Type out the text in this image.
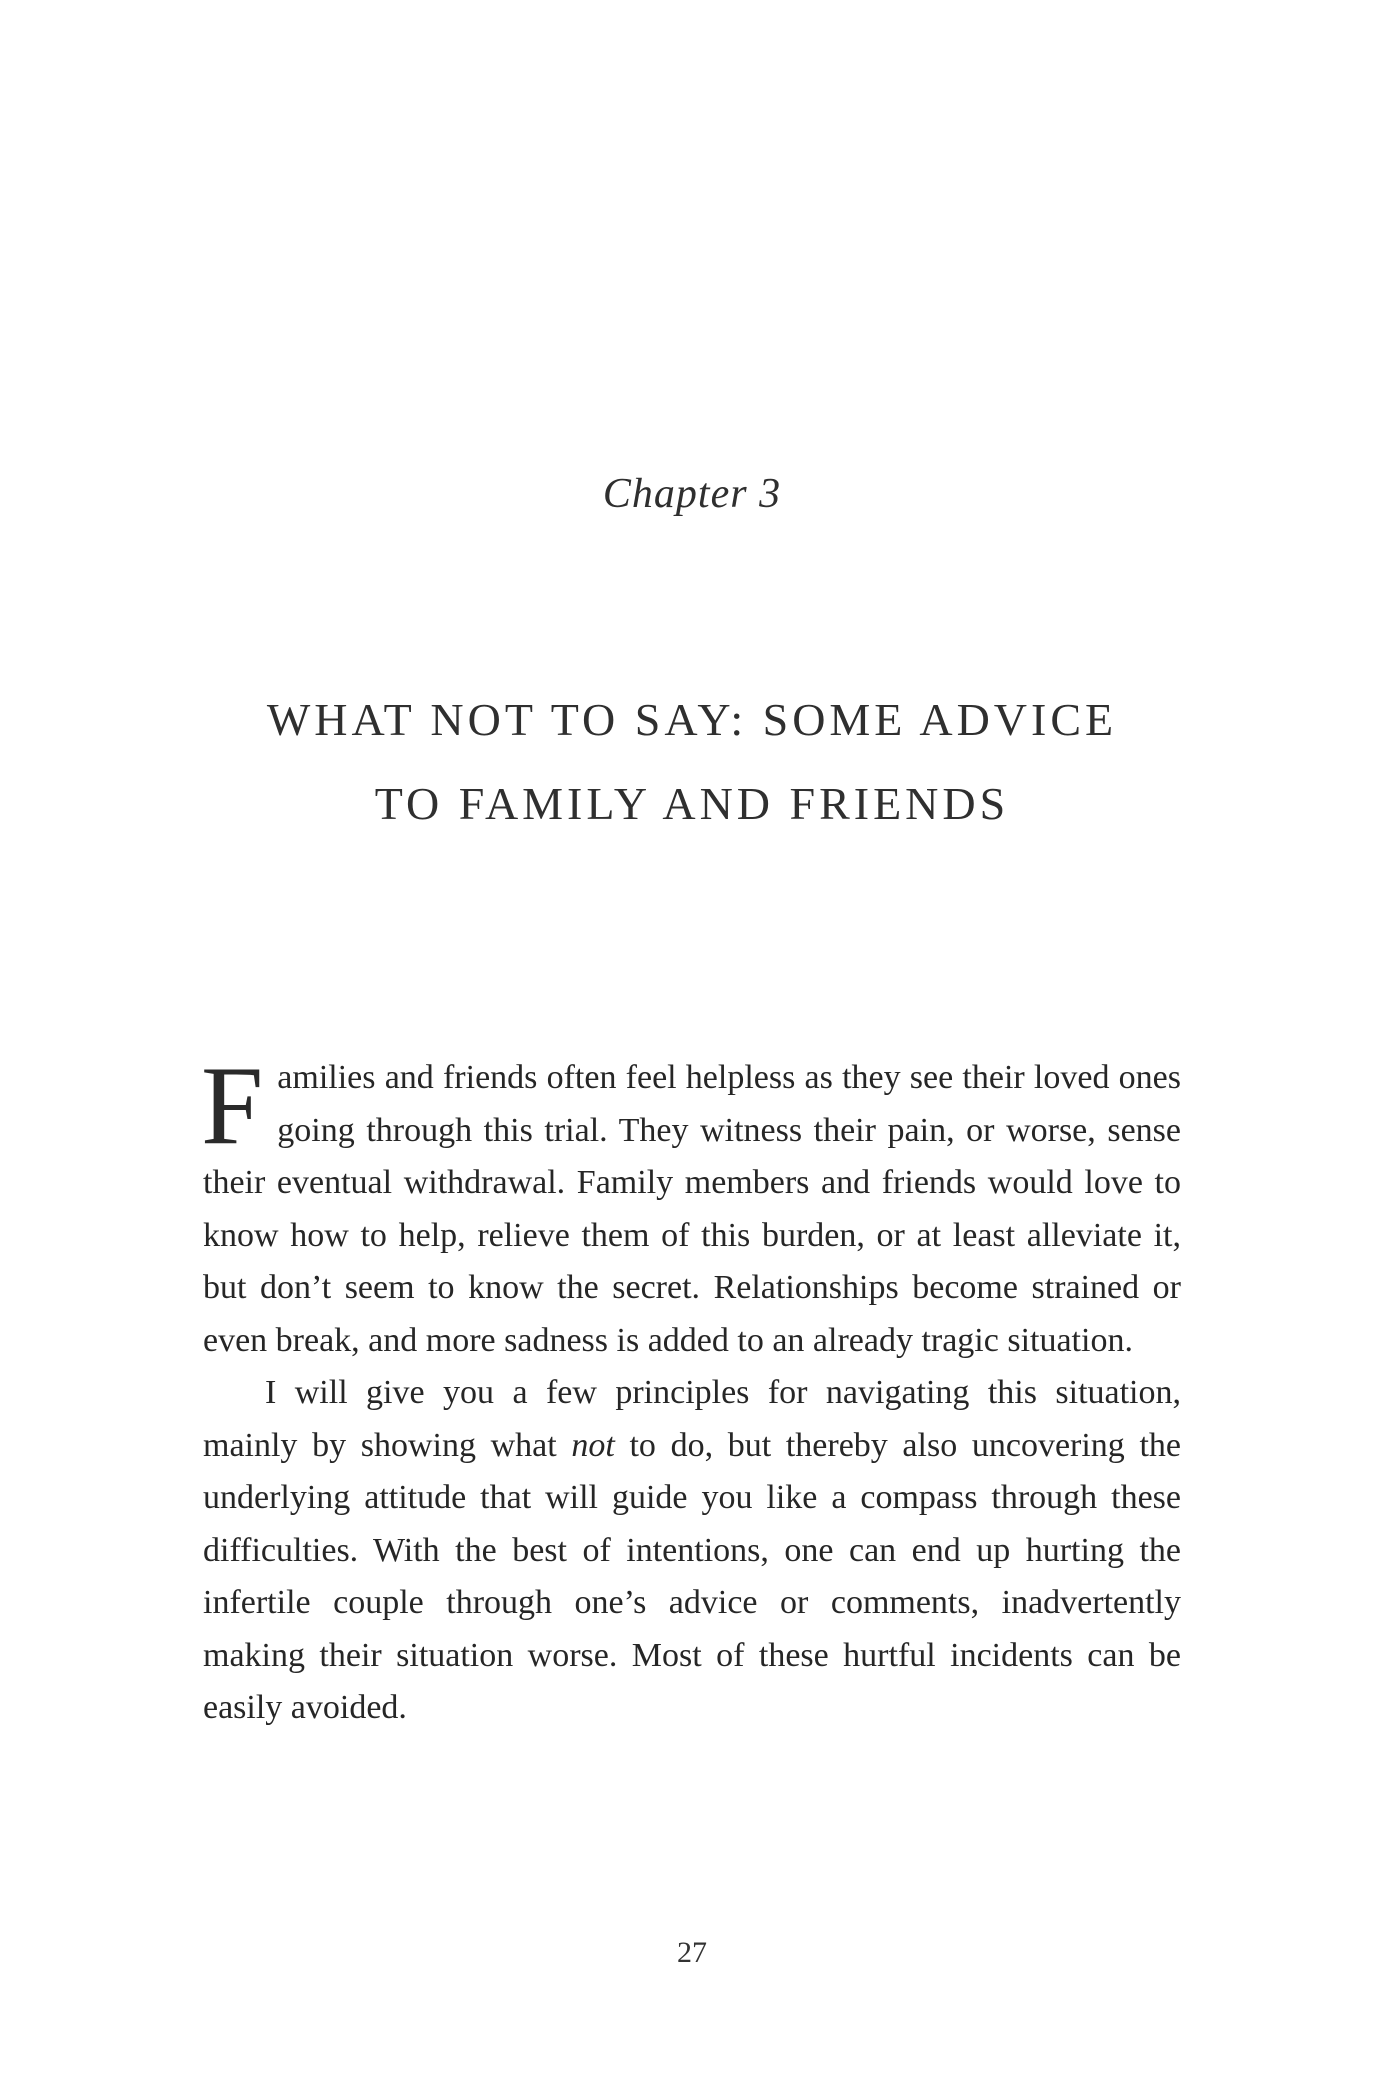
Chapter 3
WHAT NOT TO SAY: SOME ADVICE
TO FAMILY AND FRIENDS

Families and friends often feel helpless as they see their loved ones going through this trial. They witness their pain, or worse, sense their eventual withdrawal. Family members and friends would love to know how to help, relieve them of this burden, or at least alleviate it, but don’t seem to know the secret. Relationships become strained or even break, and more sadness is added to an already tragic situation.

I will give you a few principles for navigating this situation, mainly by showing what not to do, but thereby also uncovering the underlying attitude that will guide you like a compass through these difficulties. With the best of intentions, one can end up hurting the infertile couple through one’s advice or comments, inadvertently making their situation worse. Most of these hurtful incidents can be easily avoided.

27
